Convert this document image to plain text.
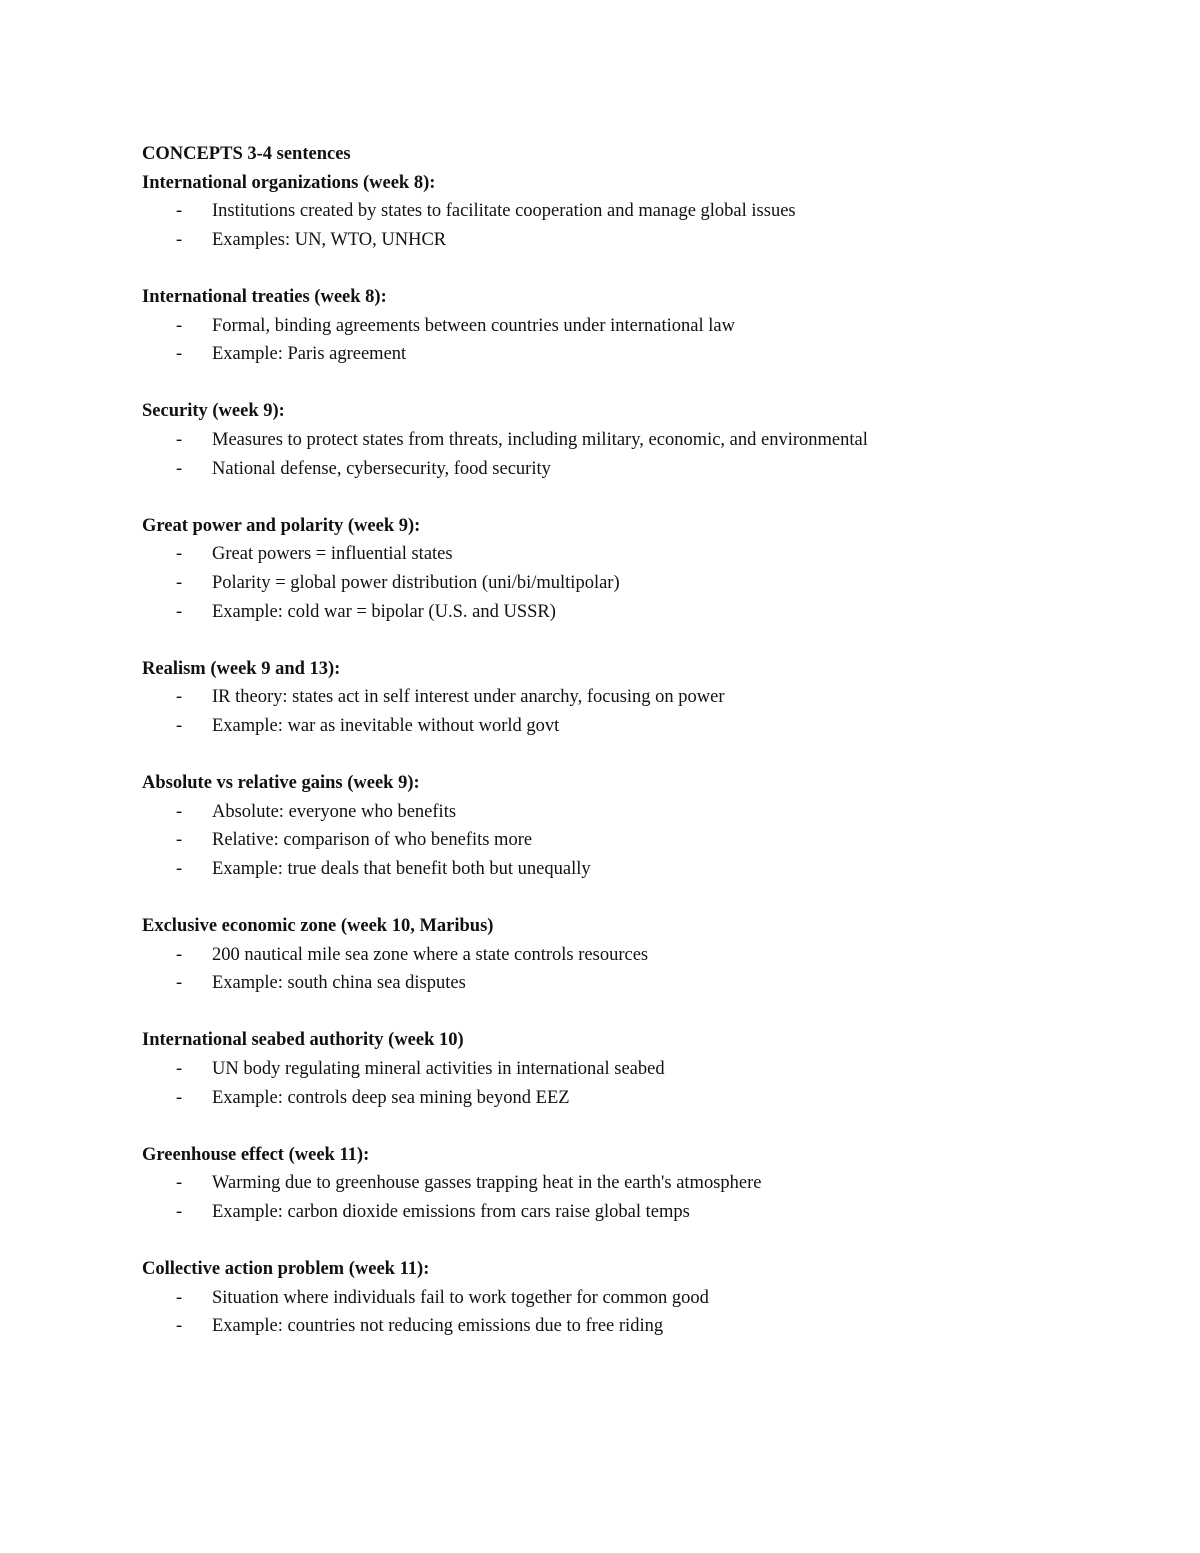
CONCEPTS 3-4 sentences

International organizations (week 8):

- Institutions created by states to facilitate cooperation and manage global issues
- Examples: UN, WTO, UNHCR

International treaties (week 8):

- Formal, binding agreements between countries under international law
- Example: Paris agreement

Security (week 9):

- Measures to protect states from threats, including military, economic, and environmental
- National defense, cybersecurity, food security

Great power and polarity (week 9):

- Great powers = influential states
- Polarity = global power distribution (uni/bi/multipolar)
- Example: cold war = bipolar (U.S. and USSR)

Realism (week 9 and 13):

- IR theory: states act in self interest under anarchy, focusing on power
- Example: war as inevitable without world govt

Absolute vs relative gains (week 9):

- Absolute: everyone who benefits
- Relative: comparison of who benefits more
- Example: true deals that benefit both but unequally

Exclusive economic zone (week 10, Maribus)

- 200 nautical mile sea zone where a state controls resources
- Example: south china sea disputes

International seabed authority (week 10)

- UN body regulating mineral activities in international seabed
- Example: controls deep sea mining beyond EEZ

Greenhouse effect (week 11):

- Warming due to greenhouse gasses trapping heat in the earth's atmosphere
- Example: carbon dioxide emissions from cars raise global temps

Collective action problem (week 11):

- Situation where individuals fail to work together for common good
- Example: countries not reducing emissions due to free riding
